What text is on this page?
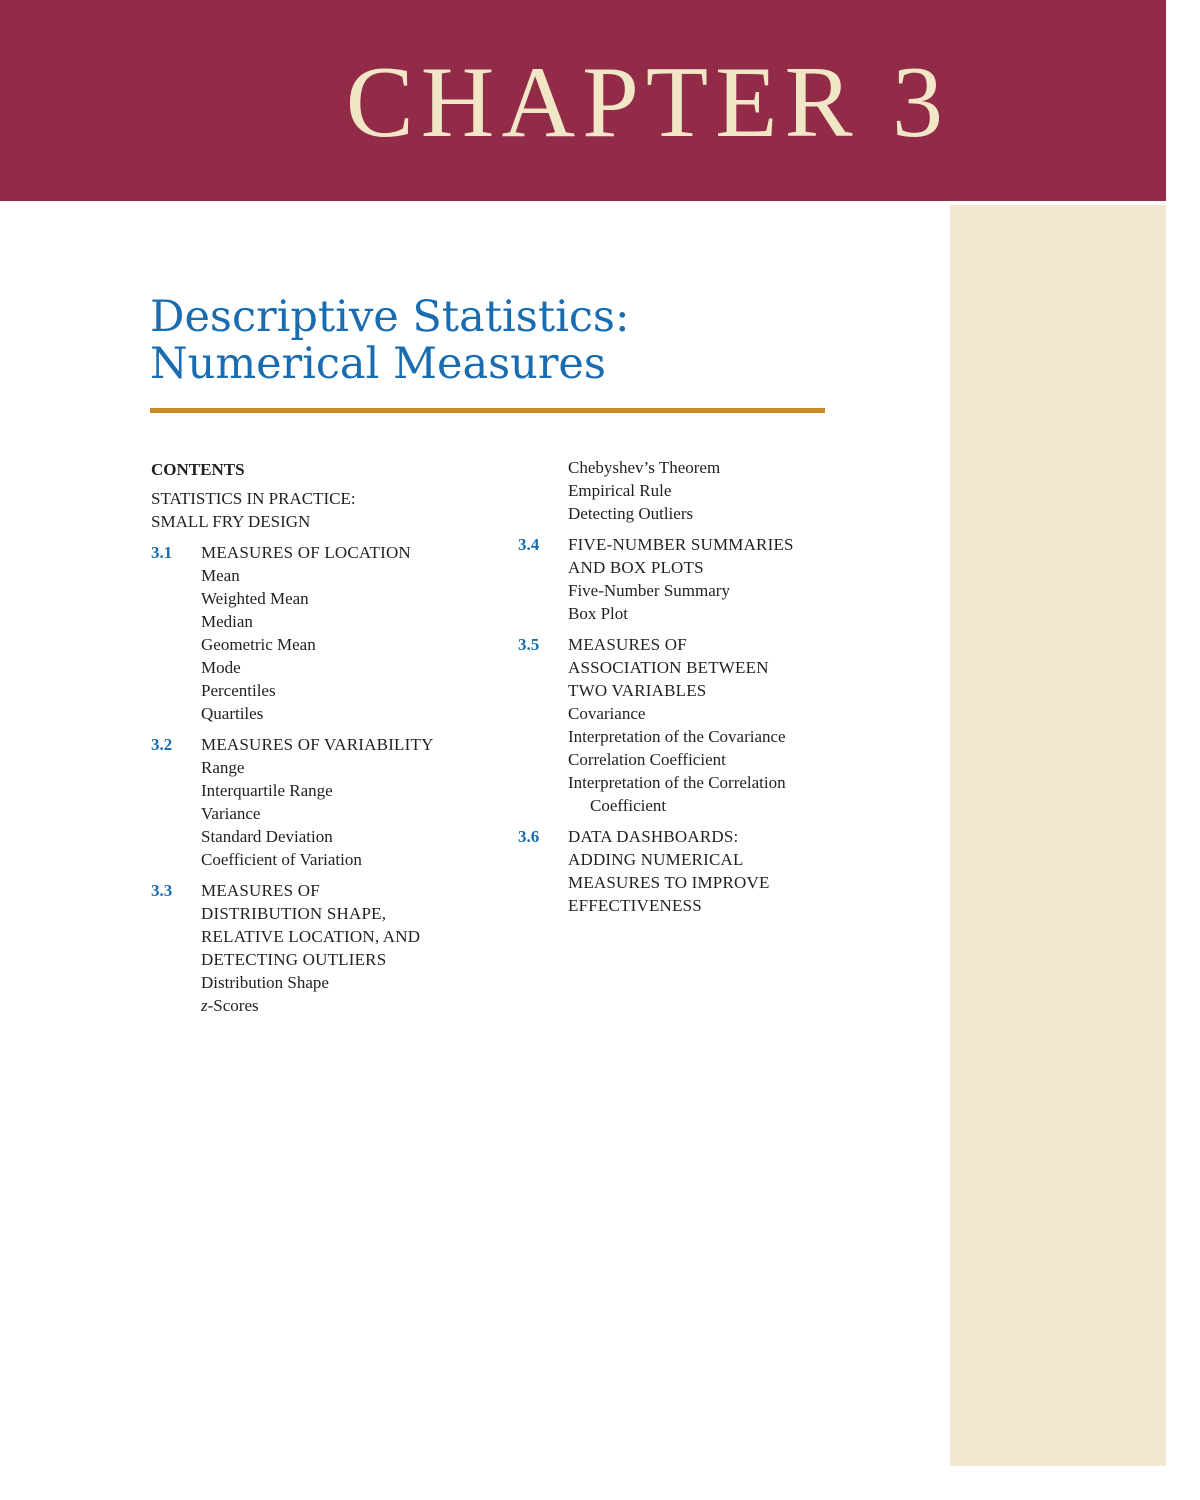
CHAPTER 3
Descriptive Statistics:
Numerical Measures
CONTENTS
STATISTICS IN PRACTICE:
SMALL FRY DESIGN
3.1	MEASURES OF LOCATION
Mean
Weighted Mean
Median
Geometric Mean
Mode
Percentiles
Quartiles
3.2	MEASURES OF VARIABILITY
Range
Interquartile Range
Variance
Standard Deviation
Coefficient of Variation
3.3	MEASURES OF
DISTRIBUTION SHAPE,
RELATIVE LOCATION, AND
DETECTING OUTLIERS
Distribution Shape
z-Scores
Chebyshev’s Theorem
Empirical Rule
Detecting Outliers
3.4	FIVE-NUMBER SUMMARIES
AND BOX PLOTS
Five-Number Summary
Box Plot
3.5	MEASURES OF
ASSOCIATION BETWEEN
TWO VARIABLES
Covariance
Interpretation of the Covariance
Correlation Coefficient
Interpretation of the Correlation
Coefficient
3.6	DATA DASHBOARDS:
ADDING NUMERICAL
MEASURES TO IMPROVE
EFFECTIVENESS
